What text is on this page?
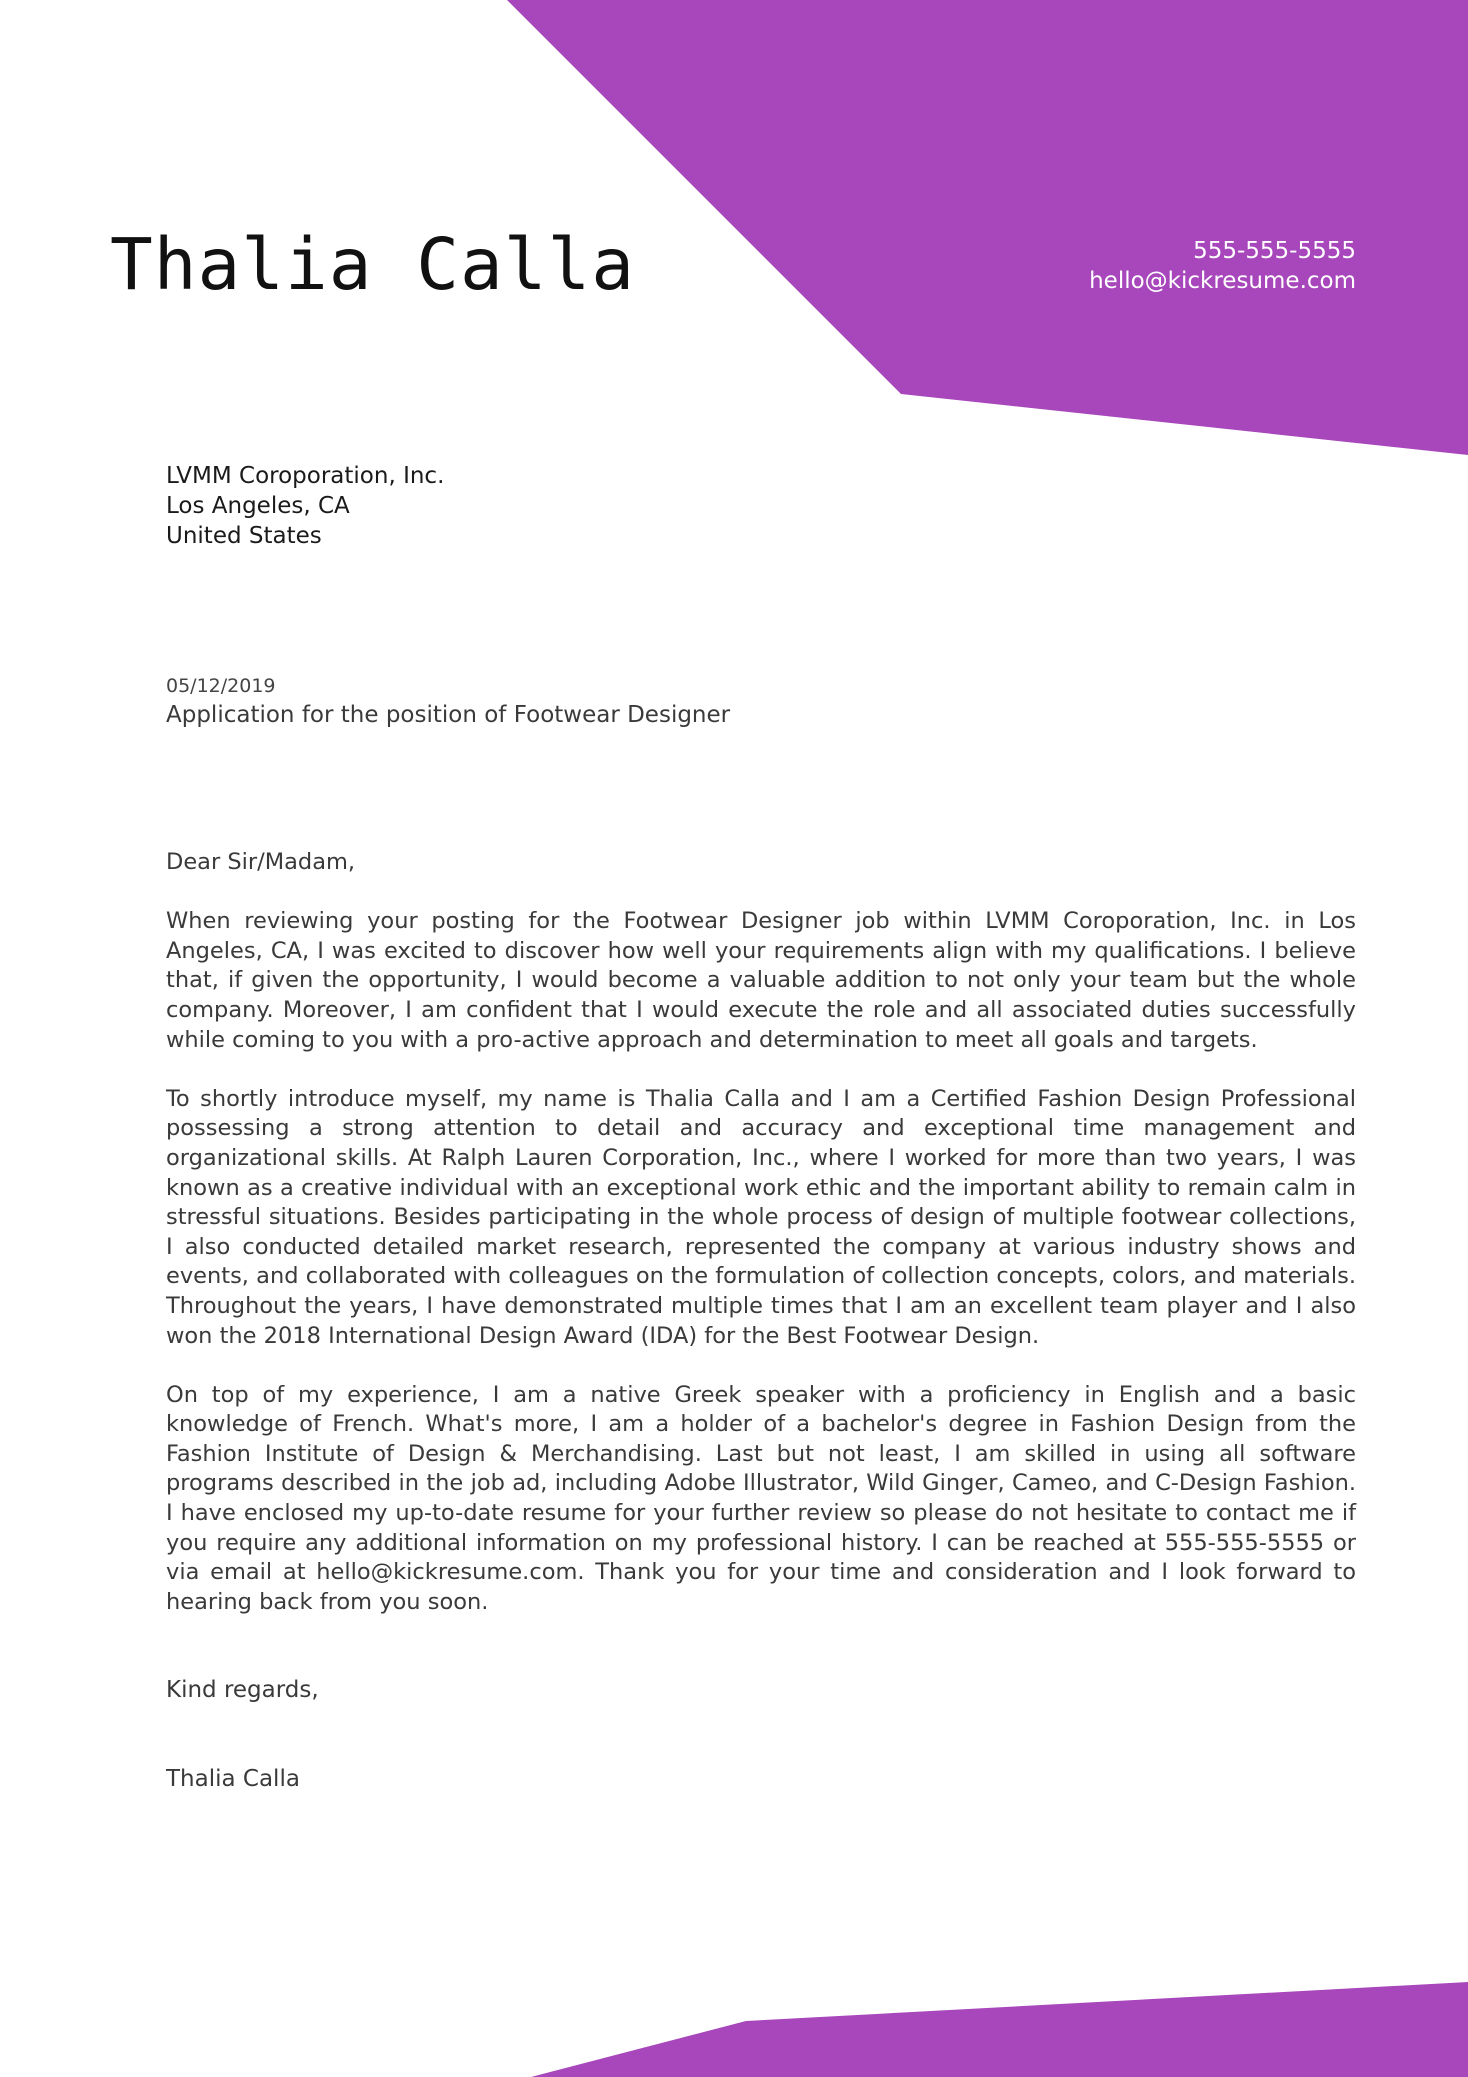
Thalia Calla	555-555-5555
hello@kickresume.com
LVMM Coroporation, Inc.
Los Angeles, CA
United States
05/12/2019
Application for the position of Footwear Designer
Dear Sir/Madam,

When reviewing your posting for the Footwear Designer job within LVMM Coroporation, Inc. in Los Angeles, CA, I was excited to discover how well your requirements align with my qualifications. I believe that, if given the opportunity, I would become a valuable addition to not only your team but the whole company. Moreover, I am confident that I would execute the role and all associated duties successfully while coming to you with a pro-active approach and determination to meet all goals and targets.

To shortly introduce myself, my name is Thalia Calla and I am a Certified Fashion Design Professional possessing a strong attention to detail and accuracy and exceptional time management and organizational skills. At Ralph Lauren Corporation, Inc., where I worked for more than two years, I was known as a creative individual with an exceptional work ethic and the important ability to remain calm in stressful situations. Besides participating in the whole process of design of multiple footwear collections, I also conducted detailed market research, represented the company at various industry shows and events, and collaborated with colleagues on the formulation of collection concepts, colors, and materials. Throughout the years, I have demonstrated multiple times that I am an excellent team player and I also won the 2018 International Design Award (IDA) for the Best Footwear Design.

On top of my experience, I am a native Greek speaker with a proficiency in English and a basic knowledge of French. What's more, I am a holder of a bachelor's degree in Fashion Design from the Fashion Institute of Design & Merchandising. Last but not least, I am skilled in using all software programs described in the job ad, including Adobe Illustrator, Wild Ginger, Cameo, and C-Design Fashion. I have enclosed my up-to-date resume for your further review so please do not hesitate to contact me if you require any additional information on my professional history. I can be reached at 555-555-5555 or via email at hello@kickresume.com. Thank you for your time and consideration and I look forward to hearing back from you soon.

Kind regards,
Thalia Calla
